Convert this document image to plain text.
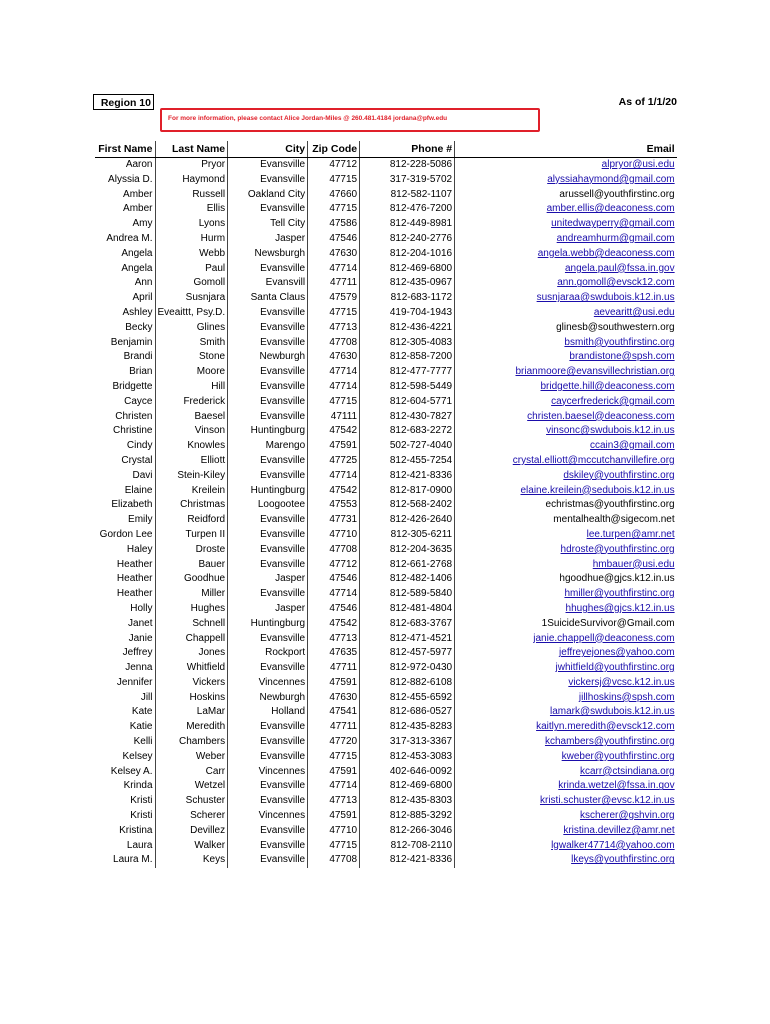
Region 10	As of 1/1/20
For more information, please contact Alice Jordan-Miles @ 260.481.4184 jordana@pfw.edu
First Name	Last Name	City	Zip Code	Phone #	Email
Aaron	Pryor	Evansville	47712	812-228-5086	alpryor@usi.edu
Alyssia D.	Haymond	Evansville	47715	317-319-5702	alyssiahaymond@gmail.com
Amber	Russell	Oakland City	47660	812-582-1107	arussell@youthfirstinc.org
Amber	Ellis	Evansville	47715	812-476-7200	amber.ellis@deaconess.com
Amy	Lyons	Tell City	47586	812-449-8981	unitedwayperry@gmail.com
Andrea M.	Hurm	Jasper	47546	812-240-2776	andreamhurm@gmail.com
Angela	Webb	Newsburgh	47630	812-204-1016	angela.webb@deaconess.com
Angela	Paul	Evansville	47714	812-469-6800	angela.paul@fssa.in.gov
Ann	Gomoll	Evansvill	47711	812-435-0967	ann.gomoll@evsck12.com
April	Susnjara	Santa Claus	47579	812-683-1172	susnjaraa@swdubois.k12.in.us
Ashley	Eveaittt, Psy.D.	Evansville	47715	419-704-1943	aevearitt@usi.edu
Becky	Glines	Evansville	47713	812-436-4221	glinesb@southwestern.org
Benjamin	Smith	Evansville	47708	812-305-4083	bsmith@youthfirstinc.org
Brandi	Stone	Newburgh	47630	812-858-7200	brandistone@spsh.com
Brian	Moore	Evansville	47714	812-477-7777	brianmoore@evansvillechristian.org
Bridgette	Hill	Evansville	47714	812-598-5449	bridgette.hill@deaconess.com
Cayce	Frederick	Evansville	47715	812-604-5771	caycerfrederick@gmail.com
Christen	Baesel	Evansville	47111	812-430-7827	christen.baesel@deaconess.com
Christine	Vinson	Huntingburg	47542	812-683-2272	vinsonc@swdubois.k12.in.us
Cindy	Knowles	Marengo	47591	502-727-4040	ccain3@gmail.com
Crystal	Elliott	Evansville	47725	812-455-7254	crystal.elliott@mccutchanvillefire.org
Davi	Stein-Kiley	Evansville	47714	812-421-8336	dskiley@youthfirstinc.org
Elaine	Kreilein	Huntingburg	47542	812-817-0900	elaine.kreilein@sedubois.k12.in.us
Elizabeth	Christmas	Loogootee	47553	812-568-2402	echristmas@youthfirstinc.org
Emily	Reidford	Evansville	47731	812-426-2640	mentalhealth@sigecom.net
Gordon Lee	Turpen II	Evansville	47710	812-305-6211	lee.turpen@amr.net
Haley	Droste	Evansville	47708	812-204-3635	hdroste@youthfirstinc.org
Heather	Bauer	Evansville	47712	812-661-2768	hmbauer@usi.edu
Heather	Goodhue	Jasper	47546	812-482-1406	hgoodhue@gjcs.k12.in.us
Heather	Miller	Evansville	47714	812-589-5840	hmiller@youthfirstinc.org
Holly	Hughes	Jasper	47546	812-481-4804	hhughes@gjcs.k12.in.us
Janet	Schnell	Huntingburg	47542	812-683-3767	1SuicideSurvivor@Gmail.com
Janie	Chappell	Evansville	47713	812-471-4521	janie.chappell@deaconess.com
Jeffrey	Jones	Rockport	47635	812-457-5977	jeffreyejones@yahoo.com
Jenna	Whitfield	Evansville	47711	812-972-0430	jwhitfield@youthfirstinc.org
Jennifer	Vickers	Vincennes	47591	812-882-6108	vickersj@vcsc.k12.in.us
Jill	Hoskins	Newburgh	47630	812-455-6592	jillhoskins@spsh.com
Kate	LaMar	Holland	47541	812-686-0527	lamark@swdubois.k12.in.us
Katie	Meredith	Evansville	47711	812-435-8283	kaitlyn.meredith@evsck12.com
Kelli	Chambers	Evansville	47720	317-313-3367	kchambers@youthfirstinc.org
Kelsey	Weber	Evansville	47715	812-453-3083	kweber@youthfirstinc.org
Kelsey A.	Carr	Vincennes	47591	402-646-0092	kcarr@ctsindiana.org
Krinda	Wetzel	Evansville	47714	812-469-6800	krinda.wetzel@fssa.in.gov
Kristi	Schuster	Evansville	47713	812-435-8303	kristi.schuster@evsc.k12.in.us
Kristi	Scherer	Vincennes	47591	812-885-3292	kscherer@gshvin.org
Kristina	Devillez	Evansville	47710	812-266-3046	kristina.devillez@amr.net
Laura	Walker	Evansville	47715	812-708-2110	lgwalker47714@yahoo.com
Laura M.	Keys	Evansville	47708	812-421-8336	lkeys@youthfirstinc.org
